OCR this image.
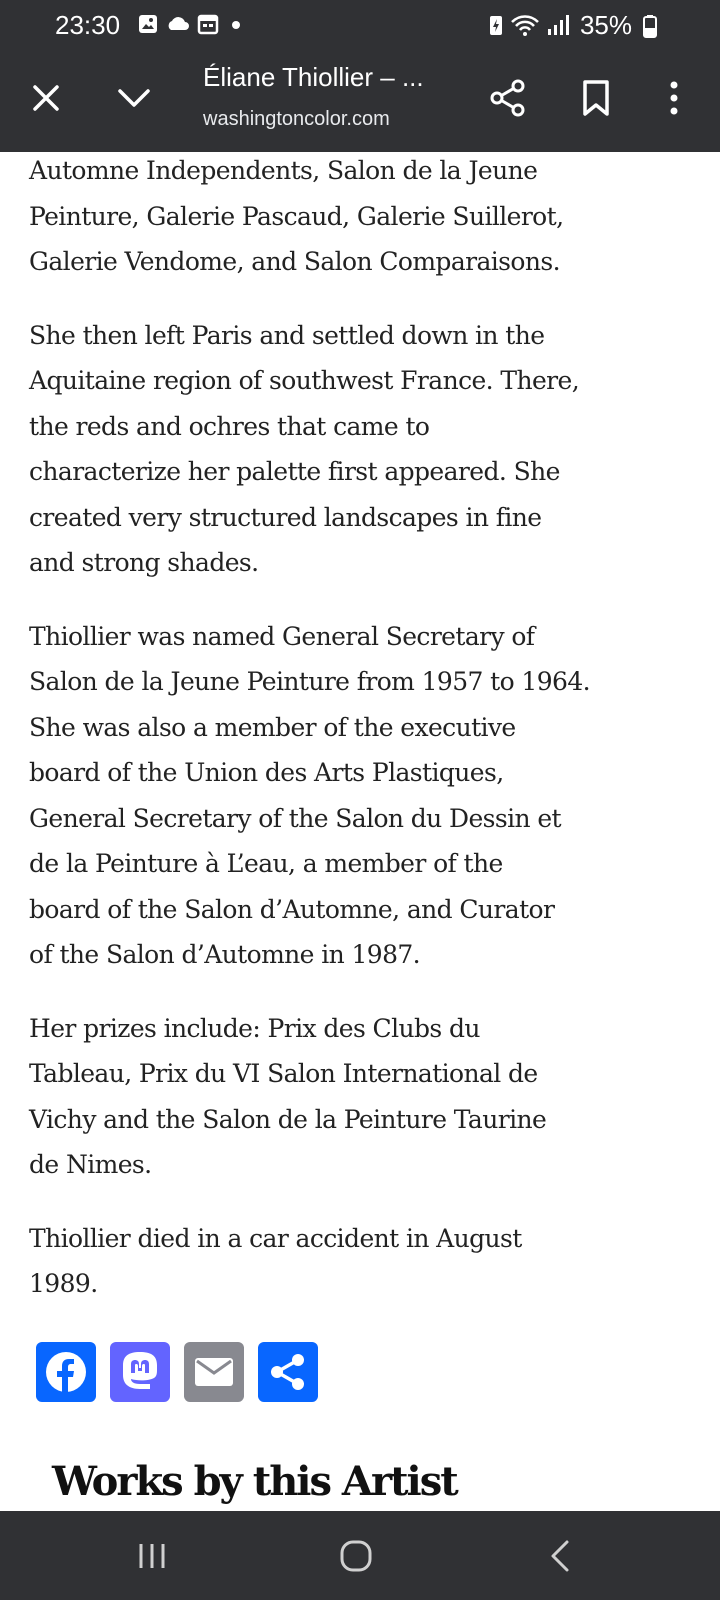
23:30	35%
Éliane Thiollier – ...
washingtoncolor.com

Automne Independents, Salon de la Jeune
Peinture, Galerie Pascaud, Galerie Suillerot,
Galerie Vendome, and Salon Comparaisons.

She then left Paris and settled down in the
Aquitaine region of southwest France. There,
the reds and ochres that came to
characterize her palette first appeared. She
created very structured landscapes in fine
and strong shades.

Thiollier was named General Secretary of
Salon de la Jeune Peinture from 1957 to 1964.
She was also a member of the executive
board of the Union des Arts Plastiques,
General Secretary of the Salon du Dessin et
de la Peinture à L’eau, a member of the
board of the Salon d’Automne, and Curator
of the Salon d’Automne in 1987.

Her prizes include: Prix des Clubs du
Tableau, Prix du VI Salon International de
Vichy and the Salon de la Peinture Taurine
de Nimes.

Thiollier died in a car accident in August
1989.

Works by this Artist
